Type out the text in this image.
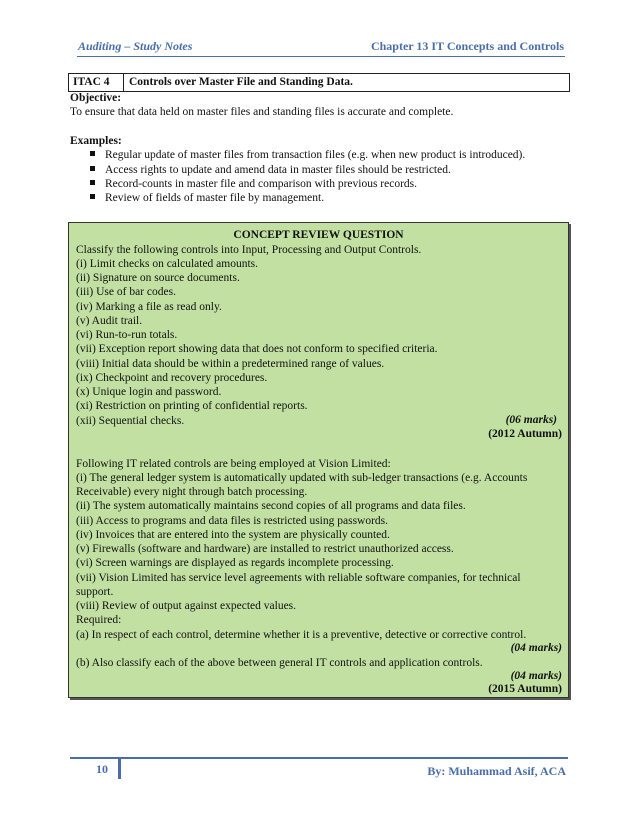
Auditing – Study Notes	Chapter 13 IT Concepts and Controls
ITAC 4	Controls over Master File and Standing Data.
Objective:
To ensure that data held on master files and standing files is accurate and complete.
Examples:
Regular update of master files from transaction files (e.g. when new product is introduced).
Access rights to update and amend data in master files should be restricted.
Record-counts in master file and comparison with previous records.
Review of fields of master file by management.
CONCEPT REVIEW QUESTION
Classify the following controls into Input, Processing and Output Controls.
(i) Limit checks on calculated amounts.
(ii) Signature on source documents.
(iii) Use of bar codes.
(iv) Marking a file as read only.
(v) Audit trail.
(vi) Run-to-run totals.
(vii) Exception report showing data that does not conform to specified criteria.
(viii) Initial data should be within a predetermined range of values.
(ix) Checkpoint and recovery procedures.
(x) Unique login and password.
(xi) Restriction on printing of confidential reports.
(xii) Sequential checks.	(06 marks)
(2012 Autumn)
Following IT related controls are being employed at Vision Limited:
(i) The general ledger system is automatically updated with sub-ledger transactions (e.g. Accounts
Receivable) every night through batch processing.
(ii) The system automatically maintains second copies of all programs and data files.
(iii) Access to programs and data files is restricted using passwords.
(iv) Invoices that are entered into the system are physically counted.
(v) Firewalls (software and hardware) are installed to restrict unauthorized access.
(vi) Screen warnings are displayed as regards incomplete processing.
(vii) Vision Limited has service level agreements with reliable software companies, for technical
support.
(viii) Review of output against expected values.
Required:
(a) In respect of each control, determine whether it is a preventive, detective or corrective control.
(04 marks)
(b) Also classify each of the above between general IT controls and application controls.
(04 marks)
(2015 Autumn)
10	By: Muhammad Asif, ACA
